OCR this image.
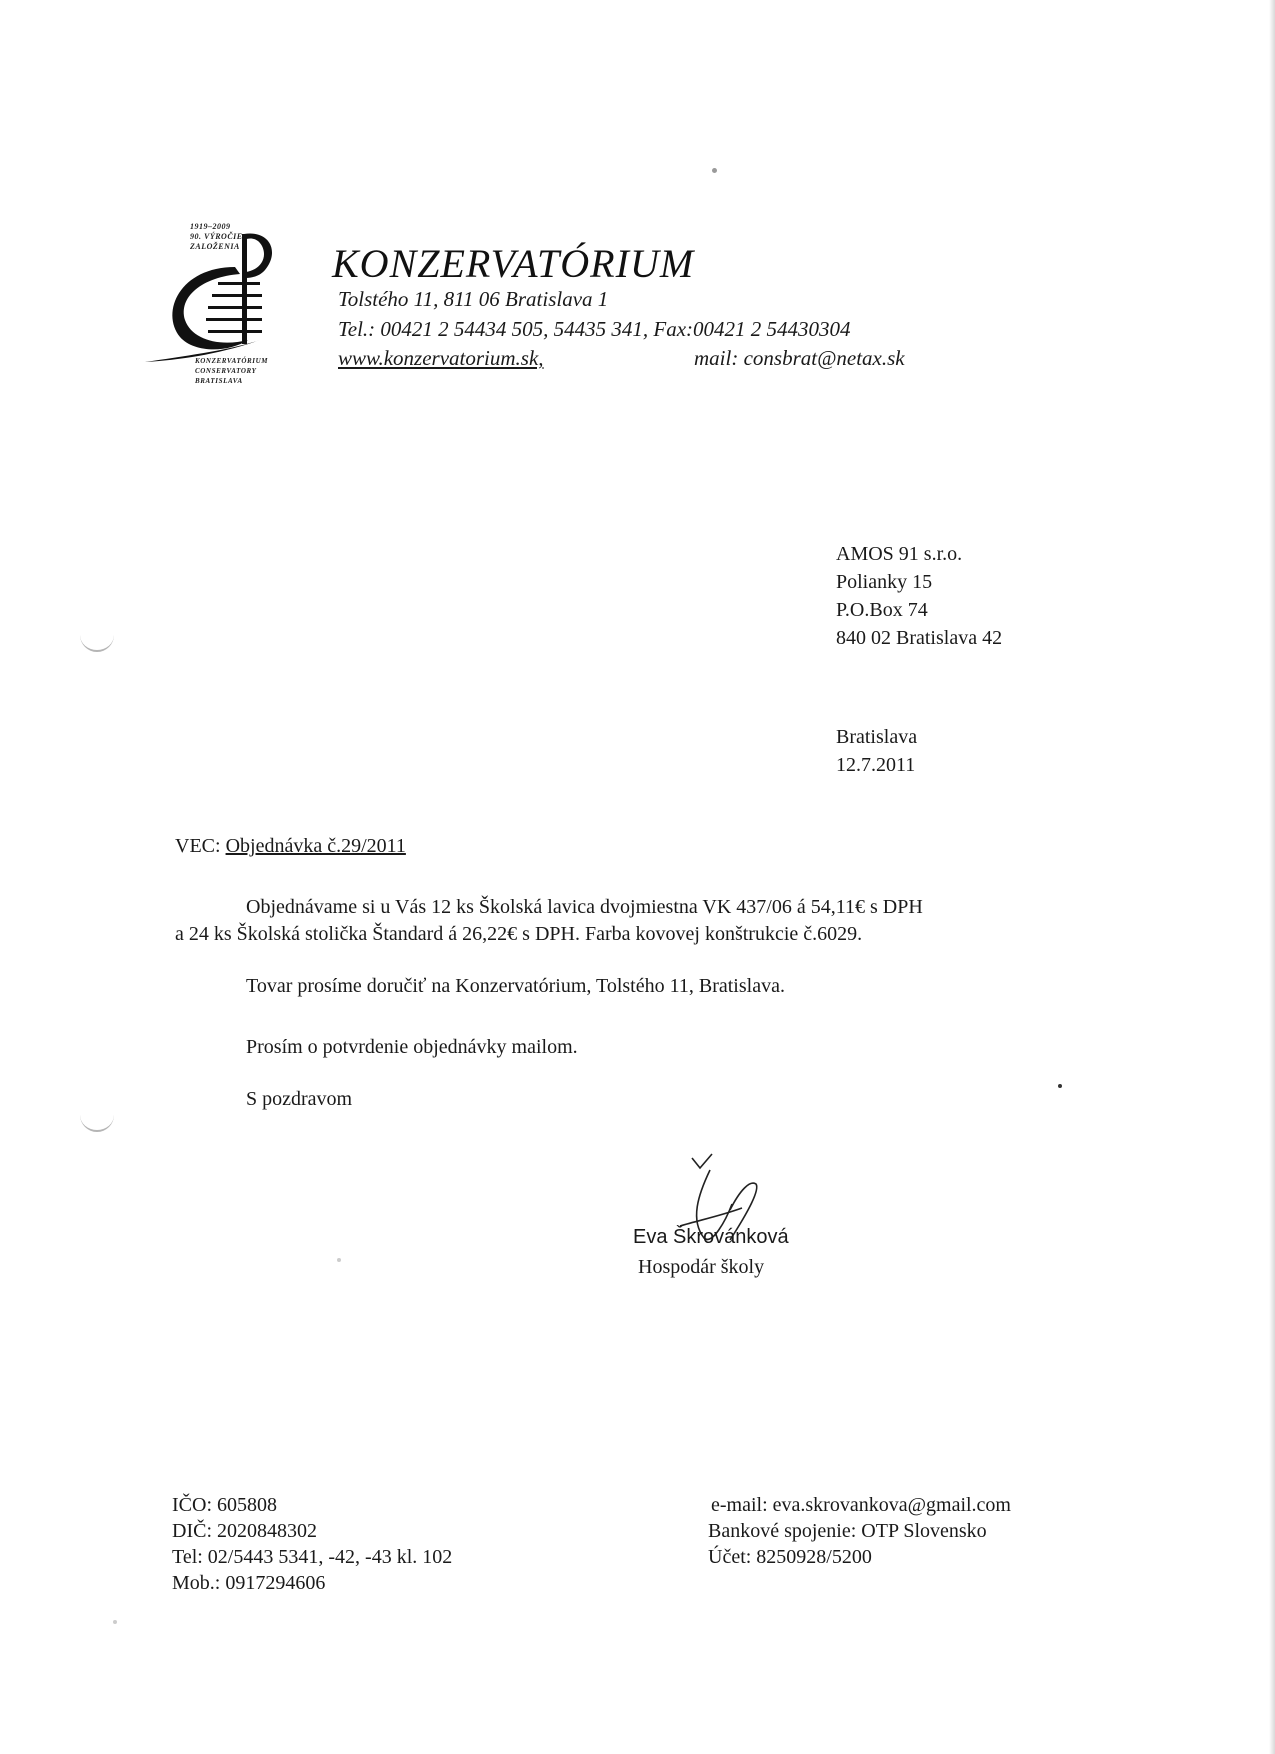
1919–2009
90. VÝROČIE
ZALOŽENIA
KONZERVATÓRIUM
CONSERVATORY
BRATISLAVA
KONZERVATÓRIUM
Tolstého 11, 811 06 Bratislava 1
Tel.: 00421 2 54434 505, 54435 341, Fax:00421 2 54430304
www.konzervatorium.sk,	mail: consbrat@netax.sk
AMOS 91 s.r.o.
Polianky 15
P.O.Box 74
840 02 Bratislava 42
Bratislava
12.7.2011
VEC: Objednávka č.29/2011
Objednávame si u Vás 12 ks Školská lavica dvojmiestna VK 437/06 á 54,11€ s DPH
a 24 ks Školská stolička Štandard á 26,22€ s DPH. Farba kovovej konštrukcie č.6029.
Tovar prosíme doručiť na Konzervatórium, Tolstého 11, Bratislava.
Prosím o potvrdenie objednávky mailom.
S pozdravom
Eva Škrovánková
Hospodár školy
IČO: 605808
DIČ: 2020848302
Tel: 02/5443 5341, -42, -43 kl. 102
Mob.: 0917294606
e-mail: eva.skrovankova@gmail.com
Bankové spojenie: OTP Slovensko
Účet: 8250928/5200
